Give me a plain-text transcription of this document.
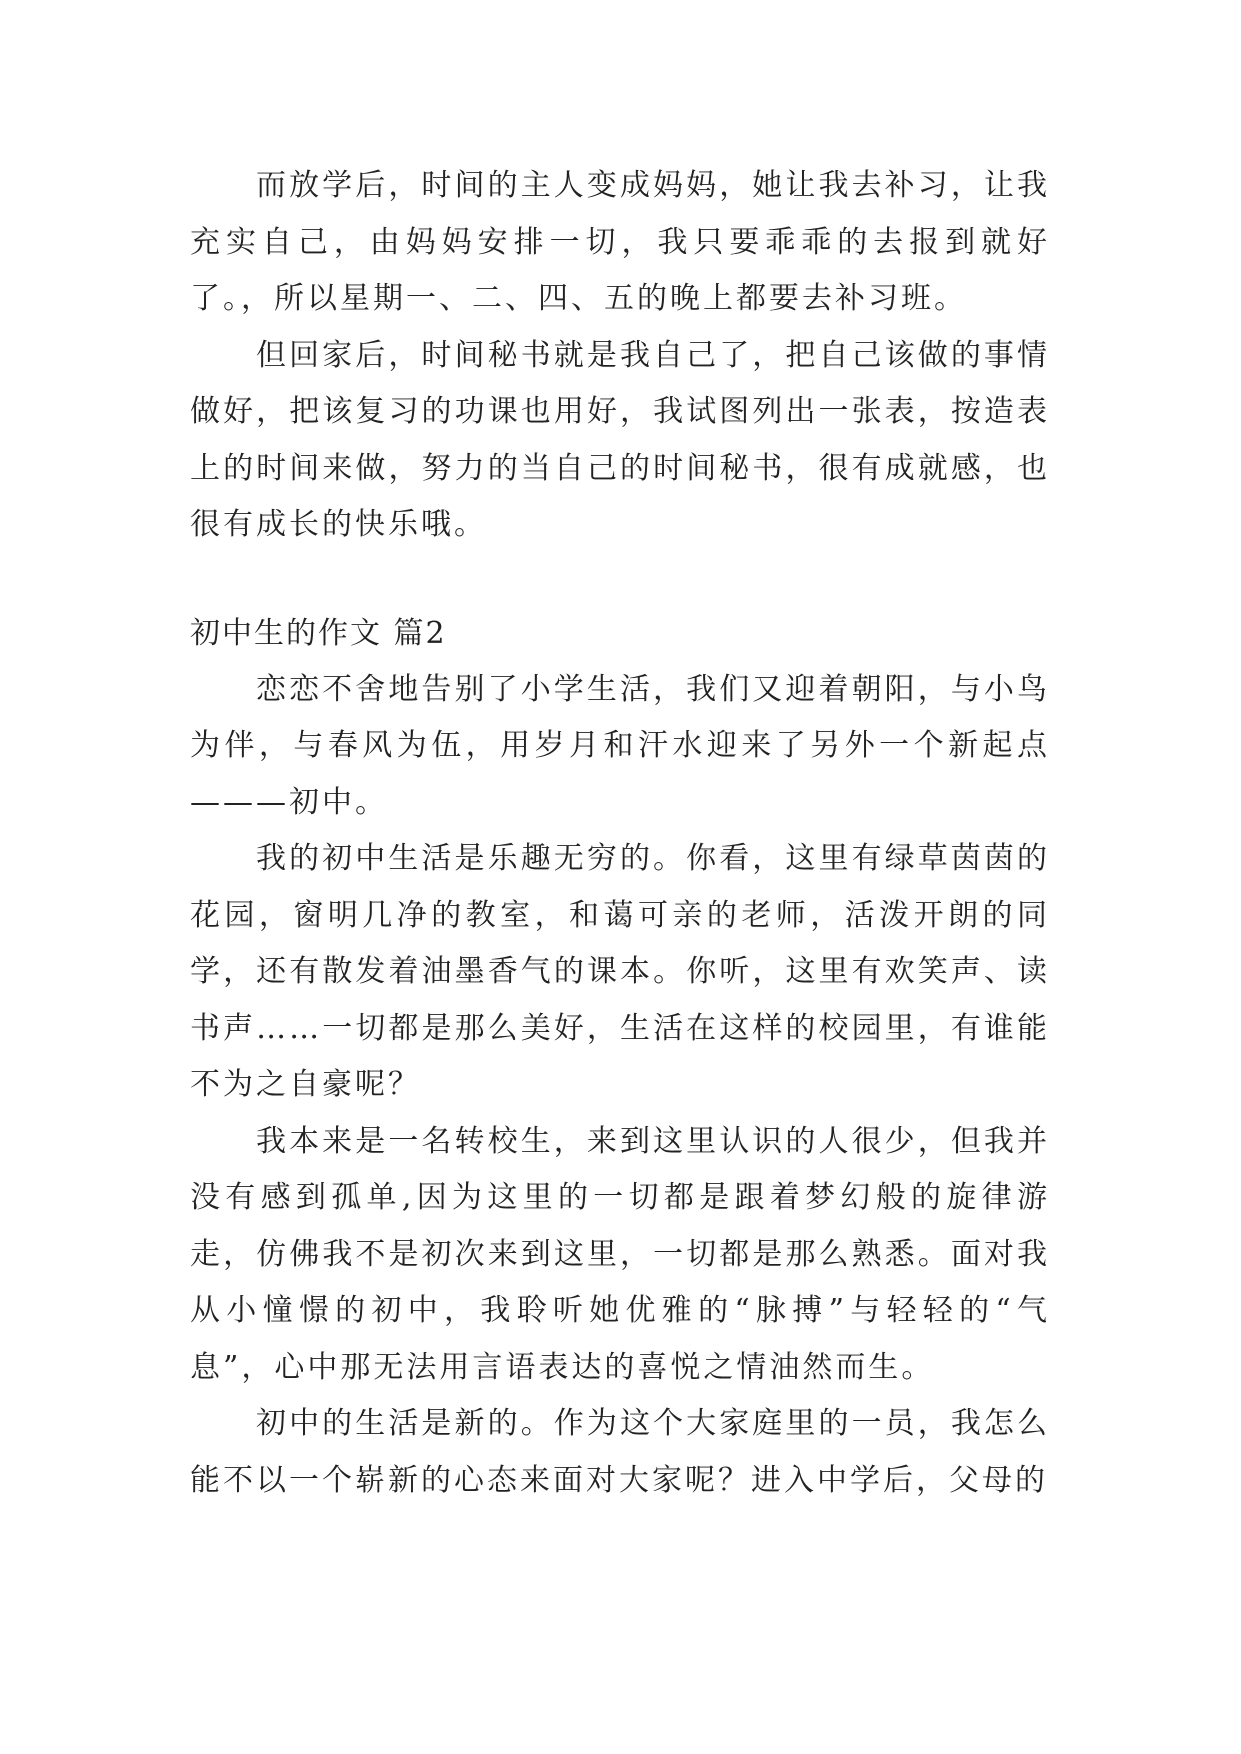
而放学后，时间的主人变成妈妈，她让我去补习，让我充实自己，由妈妈安排一切，我只要乖乖的去报到就好了。，所以星期一、二、四、五的晚上都要去补习班。

但回家后，时间秘书就是我自己了，把自己该做的事情做好，把该复习的功课也用好，我试图列出一张表，按造表上的时间来做，努力的当自己的时间秘书，很有成就感，也很有成长的快乐哦。

初中生的作文 篇2

恋恋不舍地告别了小学生活，我们又迎着朝阳，与小鸟为伴，与春风为伍，用岁月和汗水迎来了另外一个新起点———初中。

我的初中生活是乐趣无穷的。你看，这里有绿草茵茵的花园，窗明几净的教室，和蔼可亲的老师，活泼开朗的同学，还有散发着油墨香气的课本。你听，这里有欢笑声、读书声……一切都是那么美好，生活在这样的校园里，有谁能不为之自豪呢？

我本来是一名转校生，来到这里认识的人很少，但我并没有感到孤单,因为这里的一切都是跟着梦幻般的旋律游走，仿佛我不是初次来到这里，一切都是那么熟悉。面对我从小憧憬的初中，我聆听她优雅的“脉搏”与轻轻的“气息”，心中那无法用言语表达的喜悦之情油然而生。

初中的生活是新的。作为这个大家庭里的一员，我怎么能不以一个崭新的心态来面对大家呢？进入中学后，父母的
